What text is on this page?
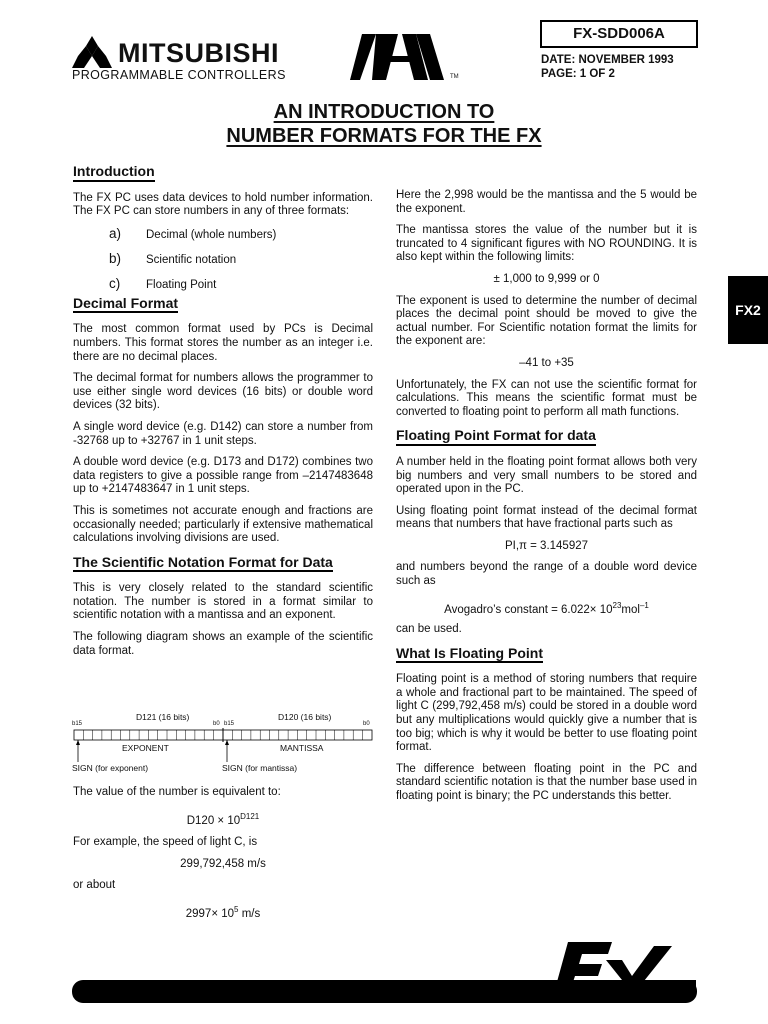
MITSUBISHI
PROGRAMMABLE CONTROLLERS	TM
FX-SDD006A
DATE: NOVEMBER 1993
PAGE: 1 OF 2
AN INTRODUCTION TO
NUMBER FORMATS FOR THE FX
FX2
Introduction

The FX PC uses data devices to hold number information. The FX PC can store numbers in any of three formats:

a) Decimal (whole numbers)
b) Scientific notation
c) Floating Point
Decimal Format

The most common format used by PCs is Decimal numbers. This format stores the number as an integer i.e. there are no decimal places.

The decimal format for numbers allows the programmer to use either single word devices (16 bits) or double word devices (32 bits).

A single word device (e.g. D142) can store a number from -32768 up to +32767 in 1 unit steps.

A double word device (e.g. D173 and D172) combines two data registers to give a possible range from –2147483648 up to +2147483647 in 1 unit steps.

This is sometimes not accurate enough and fractions are occasionally needed; particularly if extensive mathematical calculations involving divisions are used.

The Scientific Notation Format for Data

This is very closely related to the standard scientific notation. The number is stored in a format similar to scientific notation with a mantissa and an exponent.

The following diagram shows an example of the scientific data format.

D121 (16 bits)	D120 (16 bits)
b15	b0 b15	b0
EXPONENT	MANTISSA
SIGN (for exponent)	SIGN (for mantissa)

The value of the number is equivalent to:

$D120 \times 10^{D121}$

For example, the speed of light C, is

299,792,458 m/s

or about

$2997\times 10^5$ m/s

Here the 2,998 would be the mantissa and the 5 would be the exponent.

The mantissa stores the value of the number but it is truncated to 4 significant figures with NO ROUNDING. It is also kept within the following limits:

± 1,000 to 9,999 or 0

The exponent is used to determine the number of decimal places the decimal point should be moved to give the actual number. For Scientific notation format the limits for the exponent are:

–41 to +35

Unfortunately, the FX can not use the scientific format for calculations. This means the scientific format must be converted to floating point to perform all math functions.

Floating Point Format for data

A number held in the floating point format allows both very big numbers and very small numbers to be stored and operated upon in the PC.

Using floating point format instead of the decimal format means that numbers that have fractional parts such as

PI,π = 3.145927

and numbers beyond the range of a double word device such as

Avogadro’s constant = $6.022\times 10^{23}mol^{-1}$

can be used.

What Is Floating Point

Floating point is a method of storing numbers that require a whole and fractional part to be maintained. The speed of light C (299,792,458 m/s) could be stored in a double word but any multiplications would quickly give a number that is too big; which is why it would be better to use floating point format.

The difference between floating point in the PC and standard scientific notation is that the number base used in floating point is binary; the PC understands this better.
